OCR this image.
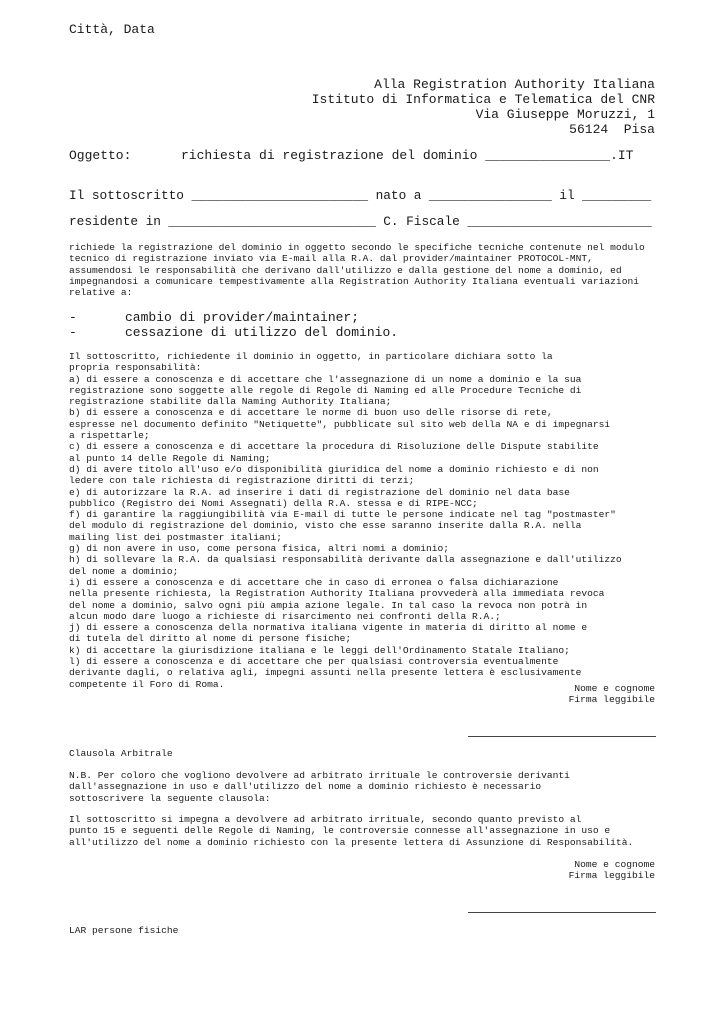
Città, Data
Alla Registration Authority Italiana
Istituto di Informatica e Telematica del CNR
Via Giuseppe Moruzzi, 1
56124  Pisa
Oggetto:	richiesta di registrazione del dominio ________________.IT
Il sottoscritto _______________________ nato a ________________ il _________
residente in ___________________________ C. Fiscale ________________________
richiede la registrazione del dominio in oggetto secondo le specifiche tecniche contenute nel modulo
tecnico di registrazione inviato via E-mail alla R.A. dal provider/maintainer PROTOCOL-MNT,
assumendosi le responsabilità che derivano dall'utilizzo e dalla gestione del nome a dominio, ed
impegnandosi a comunicare tempestivamente alla Registration Authority Italiana eventuali variazioni
relative a:
-	cambio di provider/maintainer;
-	cessazione di utilizzo del dominio.
Il sottoscritto, richiedente il dominio in oggetto, in particolare dichiara sotto la
propria responsabilità:
a) di essere a conoscenza e di accettare che l'assegnazione di un nome a dominio e la sua
registrazione sono soggette alle regole di Regole di Naming ed alle Procedure Tecniche di
registrazione stabilite dalla Naming Authority Italiana;
b) di essere a conoscenza e di accettare le norme di buon uso delle risorse di rete,
espresse nel documento definito "Netiquette", pubblicate sul sito web della NA e di impegnarsi
a rispettarle;
c) di essere a conoscenza e di accettare la procedura di Risoluzione delle Dispute stabilite
al punto 14 delle Regole di Naming;
d) di avere titolo all'uso e/o disponibilità giuridica del nome a dominio richiesto e di non
ledere con tale richiesta di registrazione diritti di terzi;
e) di autorizzare la R.A. ad inserire i dati di registrazione del dominio nel data base
pubblico (Registro dei Nomi Assegnati) della R.A. stessa e di RIPE-NCC;
f) di garantire la raggiungibilità via E-mail di tutte le persone indicate nel tag "postmaster"
del modulo di registrazione del dominio, visto che esse saranno inserite dalla R.A. nella
mailing list dei postmaster italiani;
g) di non avere in uso, come persona fisica, altri nomi a dominio;
h) di sollevare la R.A. da qualsiasi responsabilità derivante dalla assegnazione e dall'utilizzo
del nome a dominio;
i) di essere a conoscenza e di accettare che in caso di erronea o falsa dichiarazione
nella presente richiesta, la Registration Authority Italiana provvederà alla immediata revoca
del nome a dominio, salvo ogni più ampia azione legale. In tal caso la revoca non potrà in
alcun modo dare luogo a richieste di risarcimento nei confronti della R.A.;
j) di essere a conoscenza della normativa italiana vigente in materia di diritto al nome e
di tutela del diritto al nome di persone fisiche;
k) di accettare la giurisdizione italiana e le leggi dell'Ordinamento Statale Italiano;
l) di essere a conoscenza e di accettare che per qualsiasi controversia eventualmente
derivante dagli, o relativa agli, impegni assunti nella presente lettera è esclusivamente
competente il Foro di Roma.	Nome e cognome
Firma leggibile
Clausola Arbitrale
N.B. Per coloro che vogliono devolvere ad arbitrato irrituale le controversie derivanti
dall'assegnazione in uso e dall'utilizzo del nome a dominio richiesto è necessario
sottoscrivere la seguente clausola:
Il sottoscritto si impegna a devolvere ad arbitrato irrituale, secondo quanto previsto al
punto 15 e seguenti delle Regole di Naming, le controversie connesse all'assegnazione in uso e
all'utilizzo del nome a dominio richiesto con la presente lettera di Assunzione di Responsabilità.
Nome e cognome
Firma leggibile
LAR persone fisiche
